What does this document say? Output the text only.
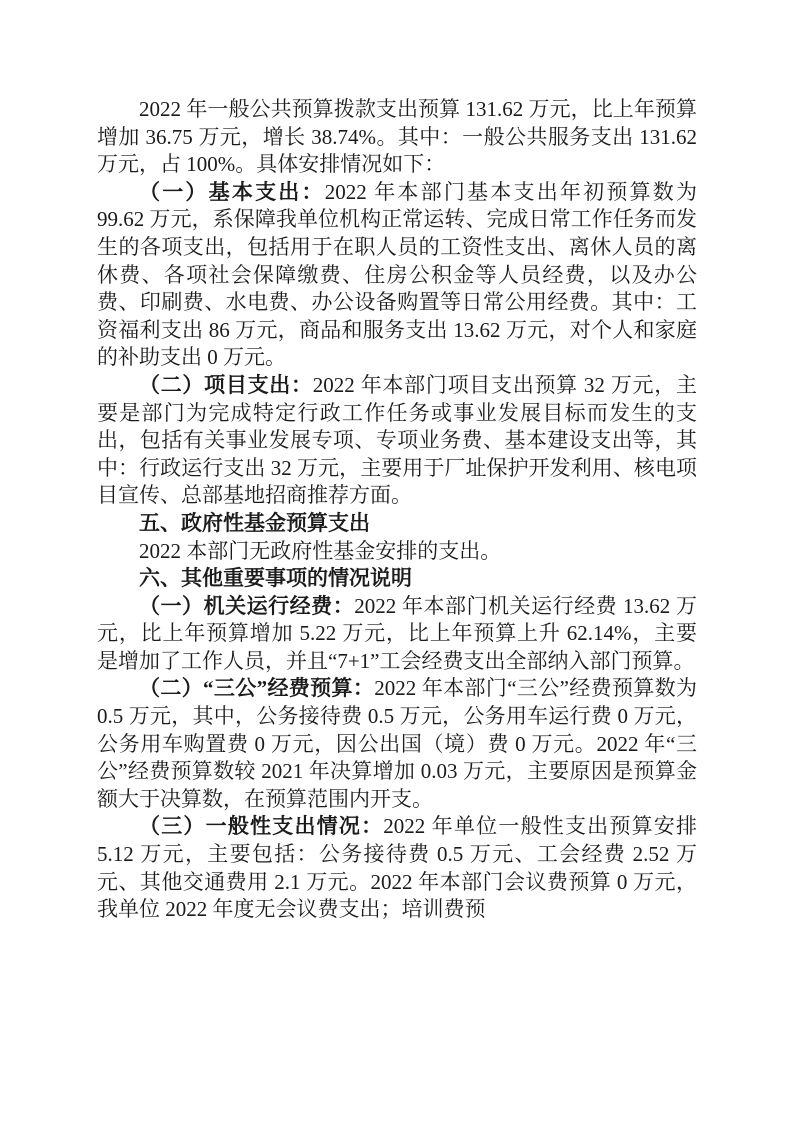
2022 年一般公共预算拨款支出预算 131.62 万元，比上年预算增加 36.75 万元，增长 38.74%。其中：一般公共服务支出 131.62 万元，占 100%。具体安排情况如下：

（一）基本支出：2022 年本部门基本支出年初预算数为 99.62 万元，系保障我单位机构正常运转、完成日常工作任务而发生的各项支出，包括用于在职人员的工资性支出、离休人员的离休费、各项社会保障缴费、住房公积金等人员经费，以及办公费、印刷费、水电费、办公设备购置等日常公用经费。其中：工资福利支出 86 万元，商品和服务支出 13.62 万元，对个人和家庭的补助支出 0 万元。

（二）项目支出：2022 年本部门项目支出预算 32 万元，主要是部门为完成特定行政工作任务或事业发展目标而发生的支出，包括有关事业发展专项、专项业务费、基本建设支出等，其中：行政运行支出 32 万元，主要用于厂址保护开发利用、核电项目宣传、总部基地招商推荐方面。

五、政府性基金预算支出

2022 本部门无政府性基金安排的支出。

六、其他重要事项的情况说明

（一）机关运行经费：2022 年本部门机关运行经费 13.62 万元，比上年预算增加 5.22 万元，比上年预算上升 62.14%，主要是增加了工作人员，并且“7+1”工会经费支出全部纳入部门预算。

（二）“三公”经费预算：2022 年本部门“三公”经费预算数为 0.5 万元，其中，公务接待费 0.5 万元，公务用车运行费 0 万元，公务用车购置费 0 万元，因公出国（境）费 0 万元。2022 年“三公”经费预算数较 2021 年决算增加 0.03 万元，主要原因是预算金额大于决算数，在预算范围内开支。

（三）一般性支出情况：2022 年单位一般性支出预算安排 5.12 万元，主要包括：公务接待费 0.5 万元、工会经费 2.52 万元、其他交通费用 2.1 万元。2022 年本部门会议费预算 0 万元，我单位 2022 年度无会议费支出；培训费预
